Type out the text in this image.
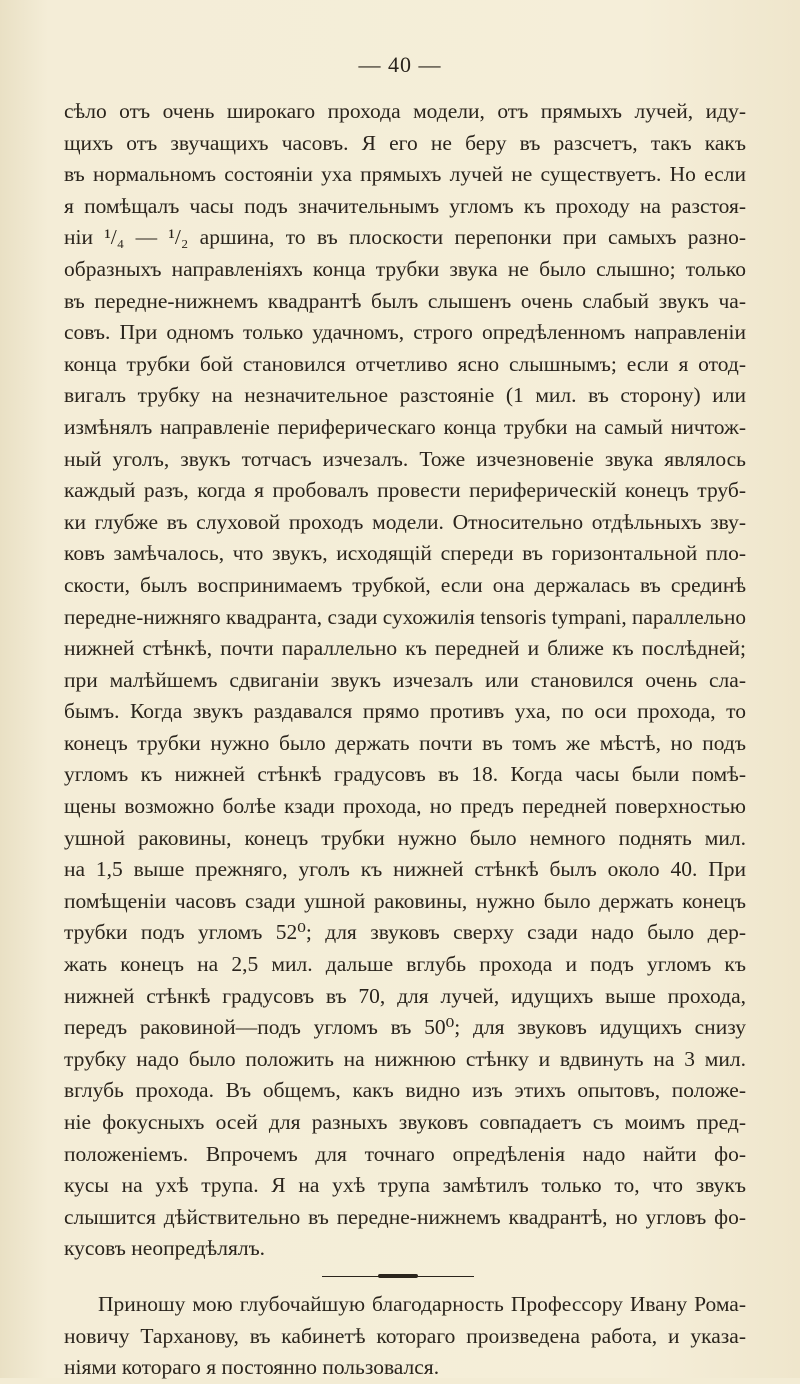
— 40 —
сѣло отъ очень широкаго прохода модели, отъ прямыхъ лучей, иду-
щихъ отъ звучащихъ часовъ. Я его не беру въ разсчетъ, такъ какъ
въ нормальномъ состояніи уха прямыхъ лучей не существуетъ. Но если
я помѣщалъ часы подъ значительнымъ угломъ къ проходу на разстоя-
ніи ¹/₄ — ¹/₂ аршина, то въ плоскости перепонки при самыхъ разно-
образныхъ направленіяхъ конца трубки звука не было слышно; только
въ передне-нижнемъ квадрантѣ былъ слышенъ очень слабый звукъ ча-
совъ. При одномъ только удачномъ, строго опредѣленномъ направленіи
конца трубки бой становился отчетливо ясно слышнымъ; если я отод-
вигалъ трубку на незначительное разстояніе (1 мил. въ сторону) или
измѣнялъ направленіе периферическаго конца трубки на самый ничтож-
ный уголъ, звукъ тотчасъ изчезалъ. Тоже изчезновеніе звука являлось
каждый разъ, когда я пробовалъ провести периферическій конецъ труб-
ки глубже въ слуховой проходъ модели. Относительно отдѣльныхъ зву-
ковъ замѣчалось, что звукъ, исходящій спереди въ горизонтальной пло-
скости, былъ воспринимаемъ трубкой, если она держалась въ срединѣ
передне-нижняго квадранта, сзади сухожилія tensoris tympani, параллельно
нижней стѣнкѣ, почти параллельно къ передней и ближе къ послѣдней;
при малѣйшемъ сдвиганіи звукъ изчезалъ или становился очень сла-
бымъ. Когда звукъ раздавался прямо противъ уха, по оси прохода, то
конецъ трубки нужно было держать почти въ томъ же мѣстѣ, но подъ
угломъ къ нижней стѣнкѣ градусовъ въ 18. Когда часы были помѣ-
щены возможно болѣе кзади прохода, но предъ передней поверхностью
ушной раковины, конецъ трубки нужно было немного поднять мил.
на 1,5 выше прежняго, уголъ къ нижней стѣнкѣ былъ около 40. При
помѣщеніи часовъ сзади ушной раковины, нужно было держать конецъ
трубки подъ угломъ 52⁰; для звуковъ сверху сзади надо было дер-
жать конецъ на 2,5 мил. дальше вглубь прохода и подъ угломъ къ
нижней стѣнкѣ градусовъ въ 70, для лучей, идущихъ выше прохода,
передъ раковиной—подъ угломъ въ 50⁰; для звуковъ идущихъ снизу
трубку надо было положить на нижнюю стѣнку и вдвинуть на 3 мил.
вглубь прохода. Въ общемъ, какъ видно изъ этихъ опытовъ, положе-
ніе фокусныхъ осей для разныхъ звуковъ совпадаетъ съ моимъ пред-
положеніемъ. Впрочемъ для точнаго опредѣленія надо найти фо-
кусы на ухѣ трупа. Я на ухѣ трупа замѣтилъ только то, что звукъ
слышится дѣйствительно въ передне-нижнемъ квадрантѣ, но угловъ фо-
кусовъ неопредѣлялъ.
Приношу мою глубочайшую благодарность Профессору Ивану Рома-
новичу Тарханову, въ кабинетѣ котораго произведена работа, и указа-
ніями котораго я постоянно пользовался.
